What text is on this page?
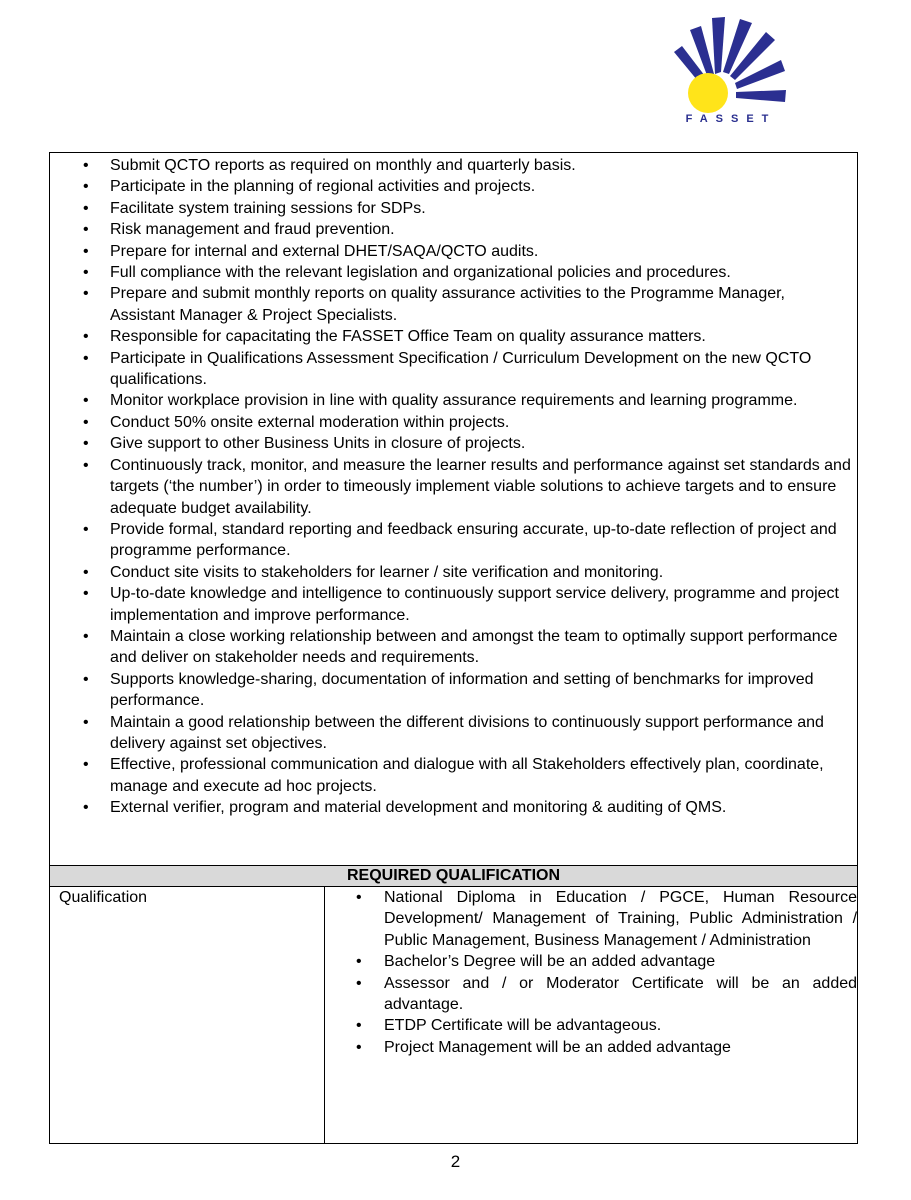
FASSET
• Submit QCTO reports as required on monthly and quarterly basis.
• Participate in the planning of regional activities and projects.
• Facilitate system training sessions for SDPs.
• Risk management and fraud prevention.
• Prepare for internal and external DHET/SAQA/QCTO audits.
• Full compliance with the relevant legislation and organizational policies and procedures.
• Prepare and submit monthly reports on quality assurance activities to the Programme Manager, Assistant Manager & Project Specialists.
• Responsible for capacitating the FASSET Office Team on quality assurance matters.
• Participate in Qualifications Assessment Specification / Curriculum Development on the new QCTO qualifications.
• Monitor workplace provision in line with quality assurance requirements and learning programme.
• Conduct 50% onsite external moderation within projects.
• Give support to other Business Units in closure of projects.
• Continuously track, monitor, and measure the learner results and performance against set standards and targets (‘the number’) in order to timeously implement viable solutions to achieve targets and to ensure adequate budget availability.
• Provide formal, standard reporting and feedback ensuring accurate, up-to-date reflection of project and programme performance.
• Conduct site visits to stakeholders for learner / site verification and monitoring.
• Up-to-date knowledge and intelligence to continuously support service delivery, programme and project implementation and improve performance.
• Maintain a close working relationship between and amongst the team to optimally support performance and deliver on stakeholder needs and requirements.
• Supports knowledge-sharing, documentation of information and setting of benchmarks for improved performance.
• Maintain a good relationship between the different divisions to continuously support performance and delivery against set objectives.
• Effective, professional communication and dialogue with all Stakeholders effectively plan, coordinate, manage and execute ad hoc projects.
• External verifier, program and material development and monitoring & auditing of QMS.

REQUIRED QUALIFICATION
Qualification	
•National Diploma in Education / PGCE, Human Resource Development/ Management of Training, Public Administration / Public Management, Business Management / Administration
• Bachelor’s Degree will be an added advantage
• Assessor and / or Moderator Certificate will be an added advantage.
• ETDP Certificate will be advantageous.
• Project Management will be an added advantage
2
